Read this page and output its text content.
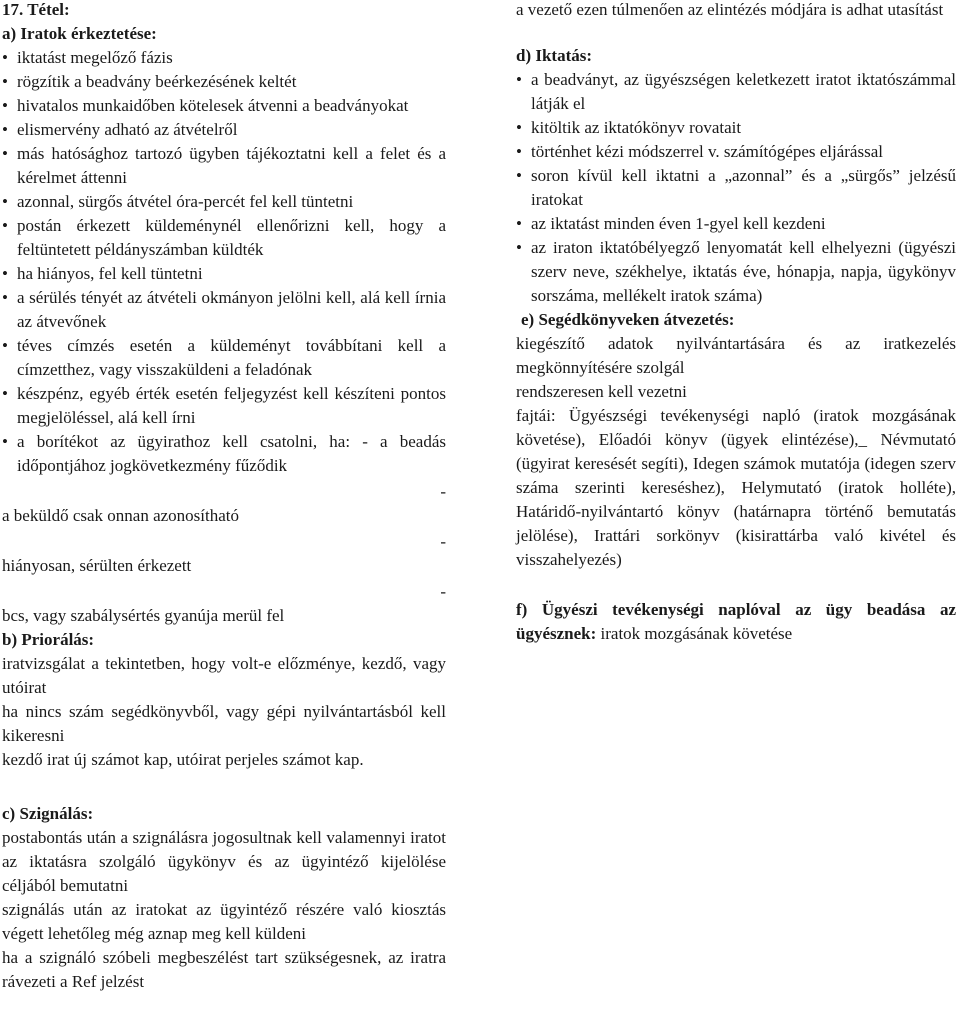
17. Tétel:

a) Iratok érkeztetése:

• iktatást megelőző fázis
• rögzítik a beadvány beérkezésének keltét
• hivatalos munkaidőben kötelesek átvenni a beadványokat
• elismervény adható az átvételről
• más hatósághoz tartozó ügyben tájékoztatni kell a felet és a kérelmet áttenni
• azonnal, sürgős átvétel óra-percét fel kell tüntetni
• postán érkezett küldeménynél ellenőrizni kell, hogy a feltüntetett példányszámban küldték
• ha hiányos, fel kell tüntetni
• a sérülés tényét az átvételi okmányon jelölni kell, alá kell írnia az átvevőnek
• téves címzés esetén a küldeményt továbbítani kell a címzetthez, vagy visszaküldeni a feladónak
• készpénz, egyéb érték esetén feljegyzést kell készíteni pontos megjelöléssel, alá kell írni
• a borítékot az ügyirathoz kell csatolni, ha: - a beadás időpontjához jogkövetkezmény fűződik

-

a beküldő csak onnan azonosítható

-

hiányosan, sérülten érkezett

-

bcs, vagy szabálysértés gyanúja merül fel

b) Priorálás:

iratvizsgálat a tekintetben, hogy volt-e előzménye, kezdő, vagy utóirat

ha nincs szám segédkönyvből, vagy gépi nyilvántartásból kell kikeresni

kezdő irat új számot kap, utóirat perjeles számot kap.

c) Szignálás:

postabontás után a szignálásra jogosultnak kell valamennyi iratot az iktatásra szolgáló ügykönyv és az ügyintéző kijelölése céljából bemutatni

szignálás után az iratokat az ügyintéző részére való kiosztás végett lehetőleg még aznap meg kell küldeni

ha a szignáló szóbeli megbeszélést tart szükségesnek, az iratra rávezeti a Ref jelzést

a vezető ezen túlmenően az elintézés módjára is adhat utasítást

d) Iktatás:

• a beadványt, az ügyészségen keletkezett iratot iktatószámmal látják el
• kitöltik az iktatókönyv rovatait
• történhet kézi módszerrel v. számítógépes eljárással
• soron kívül kell iktatni a „azonnal” és a „sürgős” jelzésű iratokat
• az iktatást minden éven 1-gyel kell kezdeni
• az iraton iktatóbélyegző lenyomatát kell elhelyezni (ügyészi szerv neve, székhelye, iktatás éve, hónapja, napja, ügykönyv sorszáma, mellékelt iratok száma)

e) Segédkönyveken átvezetés:

kiegészítő adatok nyilvántartására és az iratkezelés megkönnyítésére szolgál

rendszeresen kell vezetni

fajtái: Ügyészségi tevékenységi napló (iratok mozgásának követése), Előadói könyv (ügyek elintézése),_ Névmutató (ügyirat keresését segíti), Idegen számok mutatója (idegen szerv száma szerinti kereséshez), Helymutató (iratok holléte), Határidő-nyilvántartó könyv (határnapra történő bemutatás jelölése), Irattári sorkönyv (kisirattárba való kivétel és visszahelyezés)

f) Ügyészi tevékenységi naplóval az ügy beadása az ügyésznek: iratok mozgásának követése
